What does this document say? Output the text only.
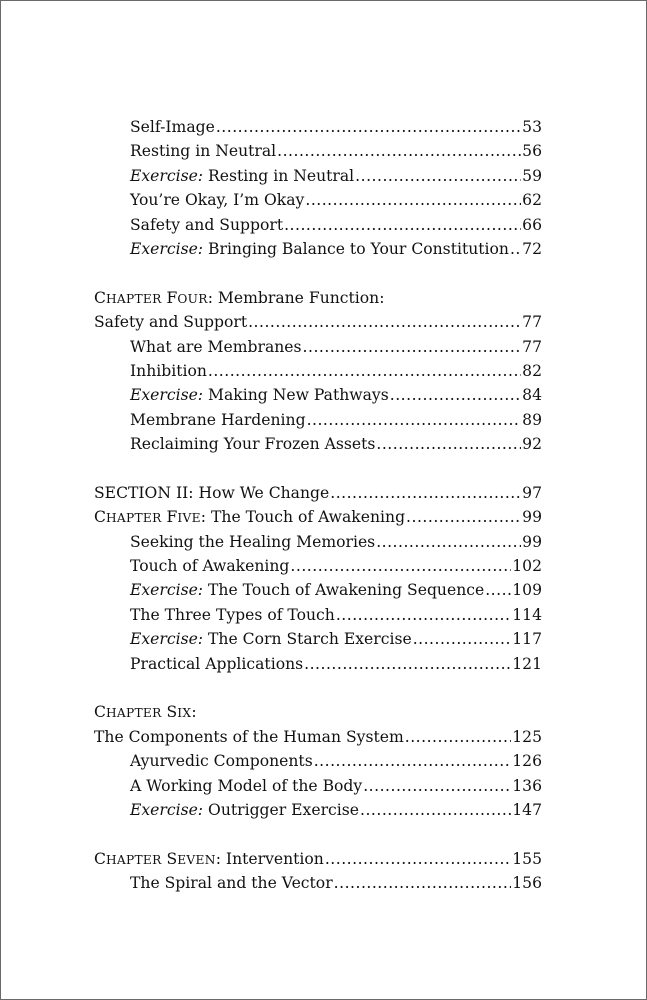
Self-Image .....	53
Resting in Neutral .....	56
Exercise: Resting in Neutral .....	59
You’re Okay, I’m Okay .....	62
Safety and Support .....	66
Exercise: Bringing Balance to Your Constitution ..... 72
CHAPTER FOUR: Membrane Function:
Safety and Support .....	77
What are Membranes .....	77
Inhibition .....	82
Exercise: Making New Pathways .....	84
Membrane Hardening .....	89
Reclaiming Your Frozen Assets .....	92
SECTION II: How We Change .....	97
CHAPTER FIVE: The Touch of Awakening .....	99
Seeking the Healing Memories .....	99
Touch of Awakening .....	102
Exercise: The Touch of Awakening Sequence ..... 109
The Three Types of Touch .....	114
Exercise: The Corn Starch Exercise .....	117
Practical Applications .....	121
CHAPTER SIX:
The Components of the Human System .....	125
Ayurvedic Components .....	126
A Working Model of the Body .....	136
Exercise: Outrigger Exercise .....	147
CHAPTER SEVEN: Intervention .....	155
The Spiral and the Vector .....	156
